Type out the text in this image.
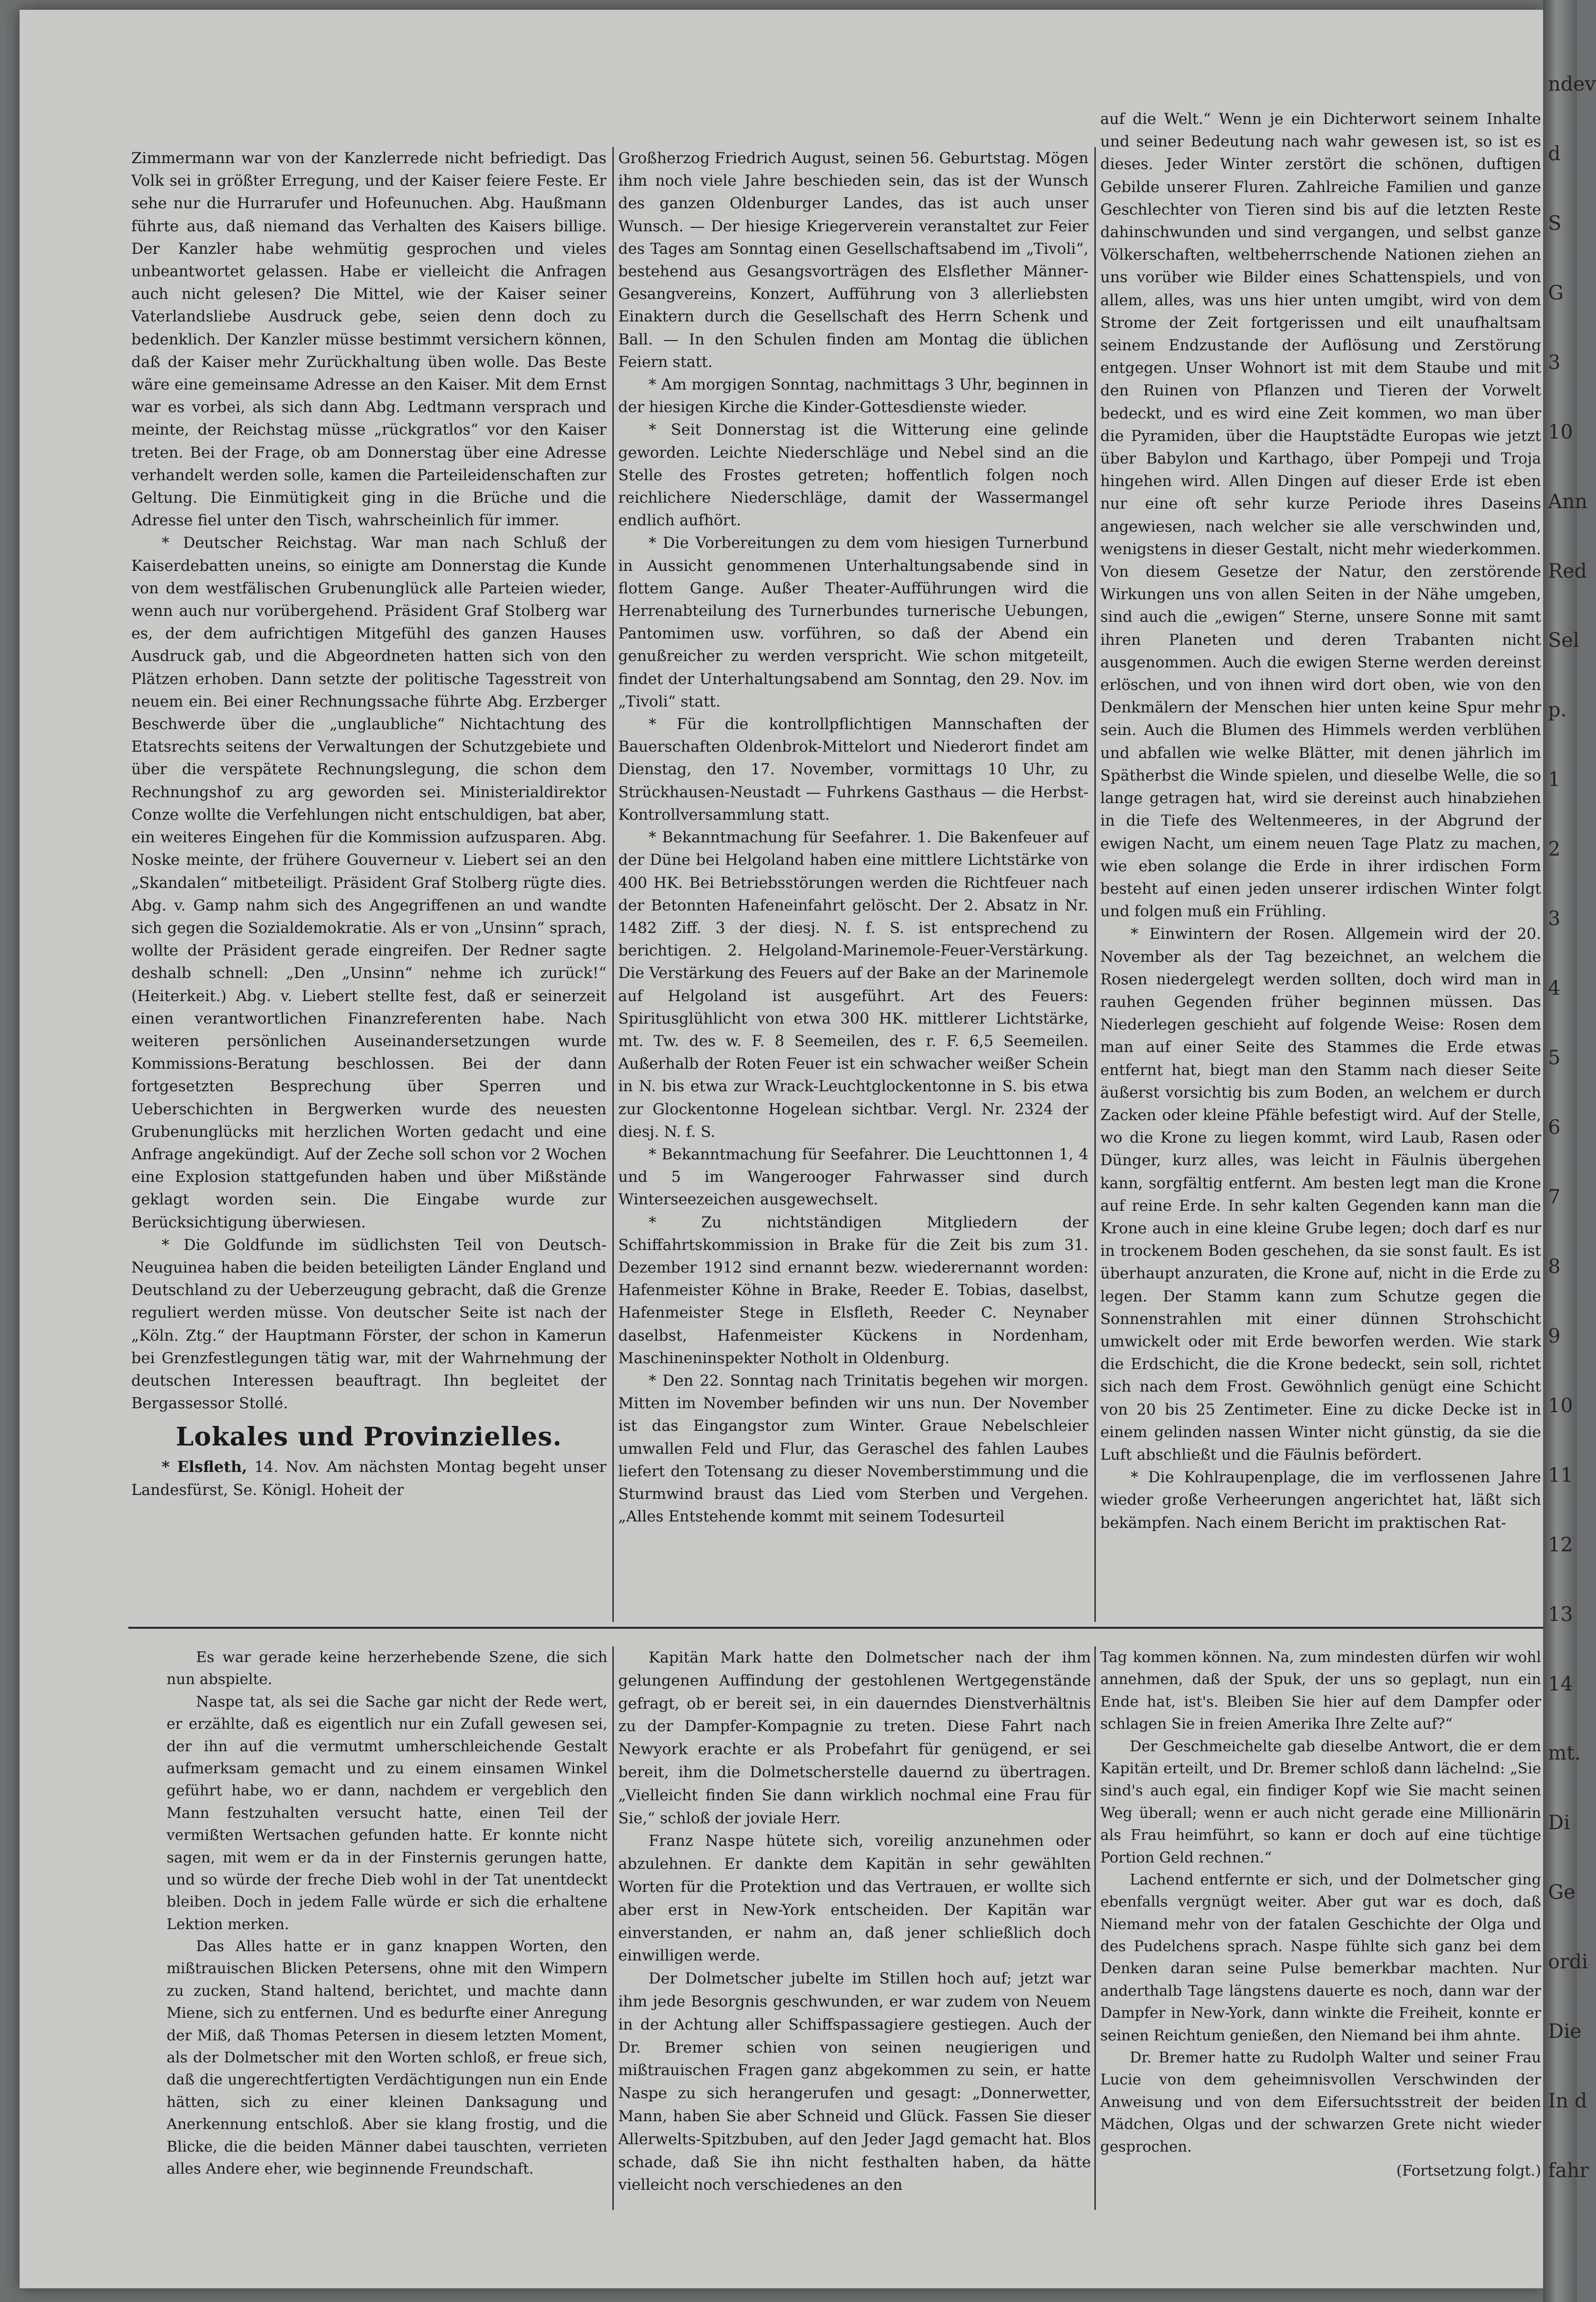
ndev
d
S
G
3
10
Ann
Red
Sel
p.
1
2
3
4
5
6
7
8
9
10
11
12
13
14
mt.
Di
Ge
ordi
Die
In d
fahr

Zimmermann war von der Kanzlerrede nicht befriedigt. Das Volk sei in größter Erregung, und der Kaiser feiere Feste. Er sehe nur die Hurrarufer und Hofeunuchen. Abg. Haußmann führte aus, daß niemand das Verhalten des Kaisers billige. Der Kanzler habe wehmütig gesprochen und vieles unbeantwortet gelassen. Habe er vielleicht die Anfragen auch nicht gelesen? Die Mittel, wie der Kaiser seiner Vaterlandsliebe Ausdruck gebe, seien denn doch zu bedenklich. Der Kanzler müsse bestimmt versichern können, daß der Kaiser mehr Zurückhaltung üben wolle. Das Beste wäre eine gemeinsame Adresse an den Kaiser. Mit dem Ernst war es vorbei, als sich dann Abg. Ledtmann versprach und meinte, der Reichstag müsse „rückgratlos“ vor den Kaiser treten. Bei der Frage, ob am Donnerstag über eine Adresse verhandelt werden solle, kamen die Parteileidenschaften zur Geltung. Die Einmütigkeit ging in die Brüche und die Adresse fiel unter den Tisch, wahrscheinlich für immer.

* Deutscher Reichstag. War man nach Schluß der Kaiserdebatten uneins, so einigte am Donnerstag die Kunde von dem westfälischen Grubenunglück alle Parteien wieder, wenn auch nur vorübergehend. Präsident Graf Stolberg war es, der dem aufrichtigen Mitgefühl des ganzen Hauses Ausdruck gab, und die Abgeordneten hatten sich von den Plätzen erhoben. Dann setzte der politische Tagesstreit von neuem ein. Bei einer Rechnungssache führte Abg. Erzberger Beschwerde über die „unglaubliche“ Nichtachtung des Etatsrechts seitens der Verwaltungen der Schutzgebiete und über die verspätete Rechnungslegung, die schon dem Rechnungshof zu arg geworden sei. Ministerialdirektor Conze wollte die Verfehlungen nicht entschuldigen, bat aber, ein weiteres Eingehen für die Kommission aufzusparen. Abg. Noske meinte, der frühere Gouverneur v. Liebert sei an den „Skandalen“ mitbeteiligt. Präsident Graf Stolberg rügte dies. Abg. v. Gamp nahm sich des Angegriffenen an und wandte sich gegen die Sozialdemokratie. Als er von „Unsinn“ sprach, wollte der Präsident gerade eingreifen. Der Redner sagte deshalb schnell: „Den „Unsinn“ nehme ich zurück!“ (Heiterkeit.) Abg. v. Liebert stellte fest, daß er seinerzeit einen verantwortlichen Finanzreferenten habe. Nach weiteren persönlichen Auseinandersetzungen wurde Kommissions-Beratung beschlossen. Bei der dann fortgesetzten Besprechung über Sperren und Ueberschichten in Bergwerken wurde des neuesten Grubenunglücks mit herzlichen Worten gedacht und eine Anfrage angekündigt. Auf der Zeche soll schon vor 2 Wochen eine Explosion stattgefunden haben und über Mißstände geklagt worden sein. Die Eingabe wurde zur Berücksichtigung überwiesen.

* Die Goldfunde im südlichsten Teil von Deutsch-Neuguinea haben die beiden beteiligten Länder England und Deutschland zu der Ueberzeugung gebracht, daß die Grenze reguliert werden müsse. Von deutscher Seite ist nach der „Köln. Ztg.“ der Hauptmann Förster, der schon in Kamerun bei Grenzfestlegungen tätig war, mit der Wahrnehmung der deutschen Interessen beauftragt. Ihn begleitet der Bergassessor Stollé.

Lokales und Provinzielles.

* Elsfleth, 14. Nov. Am nächsten Montag begeht unser Landesfürst, Se. Königl. Hoheit der

Großherzog Friedrich August, seinen 56. Geburtstag. Mögen ihm noch viele Jahre beschieden sein, das ist der Wunsch des ganzen Oldenburger Landes, das ist auch unser Wunsch. — Der hiesige Kriegerverein veranstaltet zur Feier des Tages am Sonntag einen Gesellschaftsabend im „Tivoli“, bestehend aus Gesangsvorträgen des Elsflether Männer-Gesangvereins, Konzert, Aufführung von 3 allerliebsten Einaktern durch die Gesellschaft des Herrn Schenk und Ball. — In den Schulen finden am Montag die üblichen Feiern statt.

* Am morgigen Sonntag, nachmittags 3 Uhr, beginnen in der hiesigen Kirche die Kinder-Gottesdienste wieder.

* Seit Donnerstag ist die Witterung eine gelinde geworden. Leichte Niederschläge und Nebel sind an die Stelle des Frostes getreten; hoffentlich folgen noch reichlichere Niederschläge, damit der Wassermangel endlich aufhört.

* Die Vorbereitungen zu dem vom hiesigen Turnerbund in Aussicht genommenen Unterhaltungsabende sind in flottem Gange. Außer Theater-Aufführungen wird die Herrenabteilung des Turnerbundes turnerische Uebungen, Pantomimen usw. vorführen, so daß der Abend ein genußreicher zu werden verspricht. Wie schon mitgeteilt, findet der Unterhaltungsabend am Sonntag, den 29. Nov. im „Tivoli“ statt.

* Für die kontrollpflichtigen Mannschaften der Bauerschaften Oldenbrok-Mittelort und Niederort findet am Dienstag, den 17. November, vormittags 10 Uhr, zu Strückhausen-Neustadt — Fuhrkens Gasthaus — die Herbst-Kontrollversammlung statt.

* Bekanntmachung für Seefahrer. 1. Die Bakenfeuer auf der Düne bei Helgoland haben eine mittlere Lichtstärke von 400 HK. Bei Betriebsstörungen werden die Richtfeuer nach der Betonnten Hafeneinfahrt gelöscht. Der 2. Absatz in Nr. 1482 Ziff. 3 der diesj. N. f. S. ist entsprechend zu berichtigen. 2. Helgoland-Marinemole-Feuer-Verstärkung. Die Verstärkung des Feuers auf der Bake an der Marinemole auf Helgoland ist ausgeführt. Art des Feuers: Spiritusglühlicht von etwa 300 HK. mittlerer Lichtstärke, mt. Tw. des w. F. 8 Seemeilen, des r. F. 6,5 Seemeilen. Außerhalb der Roten Feuer ist ein schwacher weißer Schein in N. bis etwa zur Wrack-Leuchtglockentonne in S. bis etwa zur Glockentonne Hogelean sichtbar. Vergl. Nr. 2324 der diesj. N. f. S.

* Bekanntmachung für Seefahrer. Die Leuchttonnen 1, 4 und 5 im Wangerooger Fahrwasser sind durch Winterseezeichen ausgewechselt.

* Zu nichtständigen Mitgliedern der Schiffahrtskommission in Brake für die Zeit bis zum 31. Dezember 1912 sind ernannt bezw. wiederernannt worden: Hafenmeister Köhne in Brake, Reeder E. Tobias, daselbst, Hafenmeister Stege in Elsfleth, Reeder C. Neynaber daselbst, Hafenmeister Kückens in Nordenham, Maschineninspekter Notholt in Oldenburg.

* Den 22. Sonntag nach Trinitatis begehen wir morgen. Mitten im November befinden wir uns nun. Der November ist das Eingangstor zum Winter. Graue Nebelschleier umwallen Feld und Flur, das Geraschel des fahlen Laubes liefert den Totensang zu dieser Novemberstimmung und die Sturmwind braust das Lied vom Sterben und Vergehen. „Alles Entstehende kommt mit seinem Todesurteil

auf die Welt.“ Wenn je ein Dichterwort seinem Inhalte und seiner Bedeutung nach wahr gewesen ist, so ist es dieses. Jeder Winter zerstört die schönen, duftigen Gebilde unserer Fluren. Zahlreiche Familien und ganze Geschlechter von Tieren sind bis auf die letzten Reste dahinschwunden und sind vergangen, und selbst ganze Völkerschaften, weltbeherrschende Nationen ziehen an uns vorüber wie Bilder eines Schattenspiels, und von allem, alles, was uns hier unten umgibt, wird von dem Strome der Zeit fortgerissen und eilt unaufhaltsam seinem Endzustande der Auflösung und Zerstörung entgegen. Unser Wohnort ist mit dem Staube und mit den Ruinen von Pflanzen und Tieren der Vorwelt bedeckt, und es wird eine Zeit kommen, wo man über die Pyramiden, über die Hauptstädte Europas wie jetzt über Babylon und Karthago, über Pompeji und Troja hingehen wird. Allen Dingen auf dieser Erde ist eben nur eine oft sehr kurze Periode ihres Daseins angewiesen, nach welcher sie alle verschwinden und, wenigstens in dieser Gestalt, nicht mehr wiederkommen. Von diesem Gesetze der Natur, den zerstörende Wirkungen uns von allen Seiten in der Nähe umgeben, sind auch die „ewigen“ Sterne, unsere Sonne mit samt ihren Planeten und deren Trabanten nicht ausgenommen. Auch die ewigen Sterne werden dereinst erlöschen, und von ihnen wird dort oben, wie von den Denkmälern der Menschen hier unten keine Spur mehr sein. Auch die Blumen des Himmels werden verblühen und abfallen wie welke Blätter, mit denen jährlich im Spätherbst die Winde spielen, und dieselbe Welle, die so lange getragen hat, wird sie dereinst auch hinabziehen in die Tiefe des Weltenmeeres, in der Abgrund der ewigen Nacht, um einem neuen Tage Platz zu machen, wie eben solange die Erde in ihrer irdischen Form besteht auf einen jeden unserer irdischen Winter folgt und folgen muß ein Frühling.

* Einwintern der Rosen. Allgemein wird der 20. November als der Tag bezeichnet, an welchem die Rosen niedergelegt werden sollten, doch wird man in rauhen Gegenden früher beginnen müssen. Das Niederlegen geschieht auf folgende Weise: Rosen dem man auf einer Seite des Stammes die Erde etwas entfernt hat, biegt man den Stamm nach dieser Seite äußerst vorsichtig bis zum Boden, an welchem er durch Zacken oder kleine Pfähle befestigt wird. Auf der Stelle, wo die Krone zu liegen kommt, wird Laub, Rasen oder Dünger, kurz alles, was leicht in Fäulnis übergehen kann, sorgfältig entfernt. Am besten legt man die Krone auf reine Erde. In sehr kalten Gegenden kann man die Krone auch in eine kleine Grube legen; doch darf es nur in trockenem Boden geschehen, da sie sonst fault. Es ist überhaupt anzuraten, die Krone auf, nicht in die Erde zu legen. Der Stamm kann zum Schutze gegen die Sonnenstrahlen mit einer dünnen Strohschicht umwickelt oder mit Erde beworfen werden. Wie stark die Erdschicht, die die Krone bedeckt, sein soll, richtet sich nach dem Frost. Gewöhnlich genügt eine Schicht von 20 bis 25 Zentimeter. Eine zu dicke Decke ist in einem gelinden nassen Winter nicht günstig, da sie die Luft abschließt und die Fäulnis befördert.

* Die Kohlraupenplage, die im verflossenen Jahre wieder große Verheerungen angerichtet hat, läßt sich bekämpfen. Nach einem Bericht im praktischen Rat-

Es war gerade keine herzerhebende Szene, die sich nun abspielte.

Naspe tat, als sei die Sache gar nicht der Rede wert, er erzählte, daß es eigentlich nur ein Zufall gewesen sei, der ihn auf die vermutmt umherschleichende Gestalt aufmerksam gemacht und zu einem einsamen Winkel geführt habe, wo er dann, nachdem er vergeblich den Mann festzuhalten versucht hatte, einen Teil der vermißten Wertsachen gefunden hatte. Er konnte nicht sagen, mit wem er da in der Finsternis gerungen hatte, und so würde der freche Dieb wohl in der Tat unentdeckt bleiben. Doch in jedem Falle würde er sich die erhaltene Lektion merken.

Das Alles hatte er in ganz knappen Worten, den mißtrauischen Blicken Petersens, ohne mit den Wimpern zu zucken, Stand haltend, berichtet, und machte dann Miene, sich zu entfernen. Und es bedurfte einer Anregung der Miß, daß Thomas Petersen in diesem letzten Moment, als der Dolmetscher mit den Worten schloß, er freue sich, daß die ungerechtfertigten Verdächtigungen nun ein Ende hätten, sich zu einer kleinen Danksagung und Anerkennung entschloß. Aber sie klang frostig, und die Blicke, die die beiden Männer dabei tauschten, verrieten alles Andere eher, wie beginnende Freundschaft.

Kapitän Mark hatte den Dolmetscher nach der ihm gelungenen Auffindung der gestohlenen Wertgegenstände gefragt, ob er bereit sei, in ein dauerndes Dienstverhältnis zu der Dampfer-Kompagnie zu treten. Diese Fahrt nach Newyork erachte er als Probefahrt für genügend, er sei bereit, ihm die Dolmetscherstelle dauernd zu übertragen. „Vielleicht finden Sie dann wirklich nochmal eine Frau für Sie,“ schloß der joviale Herr.

Franz Naspe hütete sich, voreilig anzunehmen oder abzulehnen. Er dankte dem Kapitän in sehr gewählten Worten für die Protektion und das Vertrauen, er wollte sich aber erst in New-York entscheiden. Der Kapitän war einverstanden, er nahm an, daß jener schließlich doch einwilligen werde.

Der Dolmetscher jubelte im Stillen hoch auf; jetzt war ihm jede Besorgnis geschwunden, er war zudem von Neuem in der Achtung aller Schiffspassagiere gestiegen. Auch der Dr. Bremer schien von seinen neugierigen und mißtrauischen Fragen ganz abgekommen zu sein, er hatte Naspe zu sich herangerufen und gesagt: „Donnerwetter, Mann, haben Sie aber Schneid und Glück. Fassen Sie dieser Allerwelts-Spitzbuben, auf den Jeder Jagd gemacht hat. Blos schade, daß Sie ihn nicht festhalten haben, da hätte vielleicht noch verschiedenes an den

Tag kommen können. Na, zum mindesten dürfen wir wohl annehmen, daß der Spuk, der uns so geplagt, nun ein Ende hat, ist's. Bleiben Sie hier auf dem Dampfer oder schlagen Sie in freien Amerika Ihre Zelte auf?“

Der Geschmeichelte gab dieselbe Antwort, die er dem Kapitän erteilt, und Dr. Bremer schloß dann lächelnd: „Sie sind's auch egal, ein findiger Kopf wie Sie macht seinen Weg überall; wenn er auch nicht gerade eine Millionärin als Frau heimführt, so kann er doch auf eine tüchtige Portion Geld rechnen.“

Lachend entfernte er sich, und der Dolmetscher ging ebenfalls vergnügt weiter. Aber gut war es doch, daß Niemand mehr von der fatalen Geschichte der Olga und des Pudelchens sprach. Naspe fühlte sich ganz bei dem Denken daran seine Pulse bemerkbar machten. Nur anderthalb Tage längstens dauerte es noch, dann war der Dampfer in New-York, dann winkte die Freiheit, konnte er seinen Reichtum genießen, den Niemand bei ihm ahnte.

Dr. Bremer hatte zu Rudolph Walter und seiner Frau Lucie von dem geheimnisvollen Verschwinden der Anweisung und von dem Eifersuchtsstreit der beiden Mädchen, Olgas und der schwarzen Grete nicht wieder gesprochen.

(Fortsetzung folgt.)
